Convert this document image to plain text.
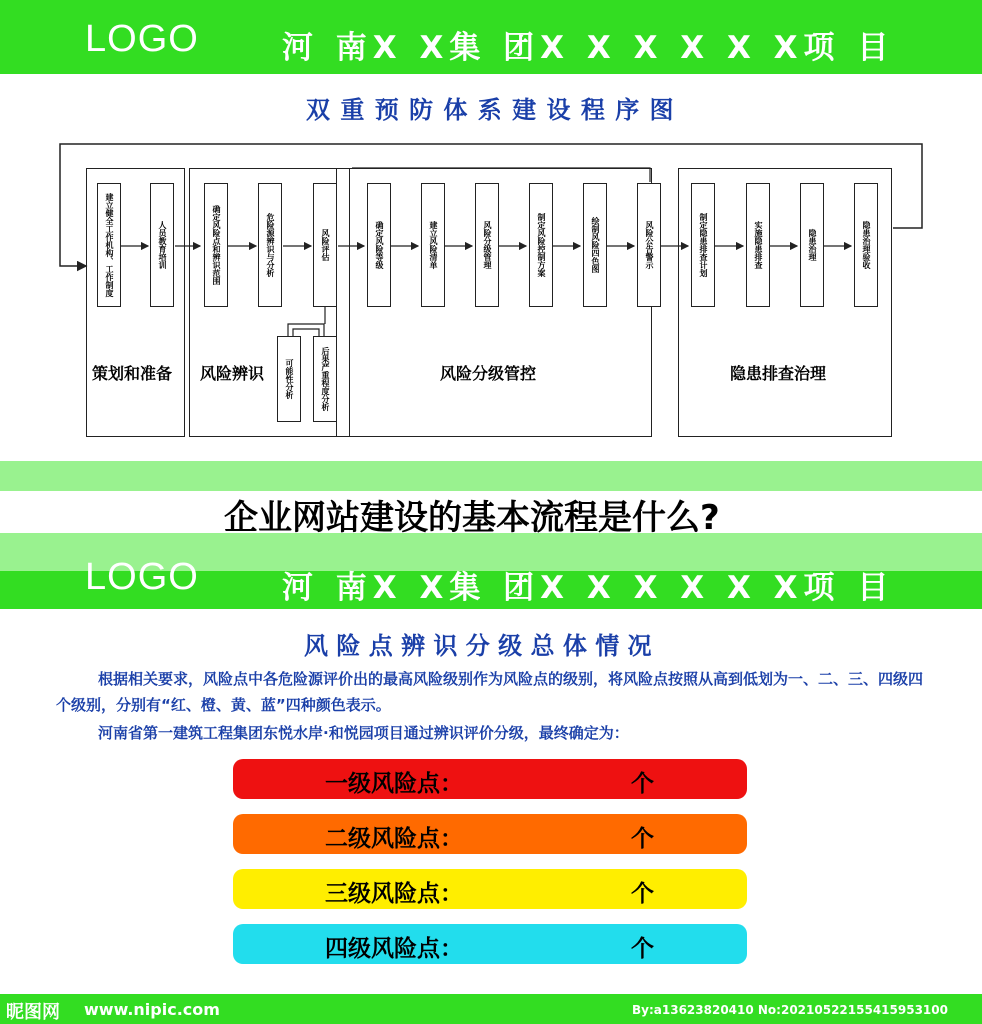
LOGO	河 南X X集 团X X X X X X项 目
双 重 预 防 体 系 建 设 程 序 图
建立健全工作机构、工作制度	人员教育培训	确定风险点和辨识范围	危险源辨识与分析	风险评估
可能性分析	后果严重程度分析
确定风险等级	建立风险清单	风险分级管理	制定风险控制方案	绘制风险四色图	风险公告警示	制定隐患排查计划	实施隐患排查	隐患治理	隐患治理验收
策划和准备 风险辨识	风险分级管控	隐患排查治理
企业网站建设的基本流程是什么?
LOGO	河 南X X集 团X X X X X X项 目
风 险 点 辨 识 分 级 总 体 情 况
根据相关要求，风险点中各危险源评价出的最高风险级别作为风险点的级别，将风险点按照从高到低划为一、二、三、四级四个级别，分别有“红、橙、黄、蓝”四种颜色表示。
河南省第一建筑工程集团东悦水岸·和悦园项目通过辨识评价分级，最终确定为：
一级风险点：	个
二级风险点：	个
三级风险点：	个
四级风险点：	个
昵图网 www.nipic.com	By:a13623820410 No:20210522155415953100
